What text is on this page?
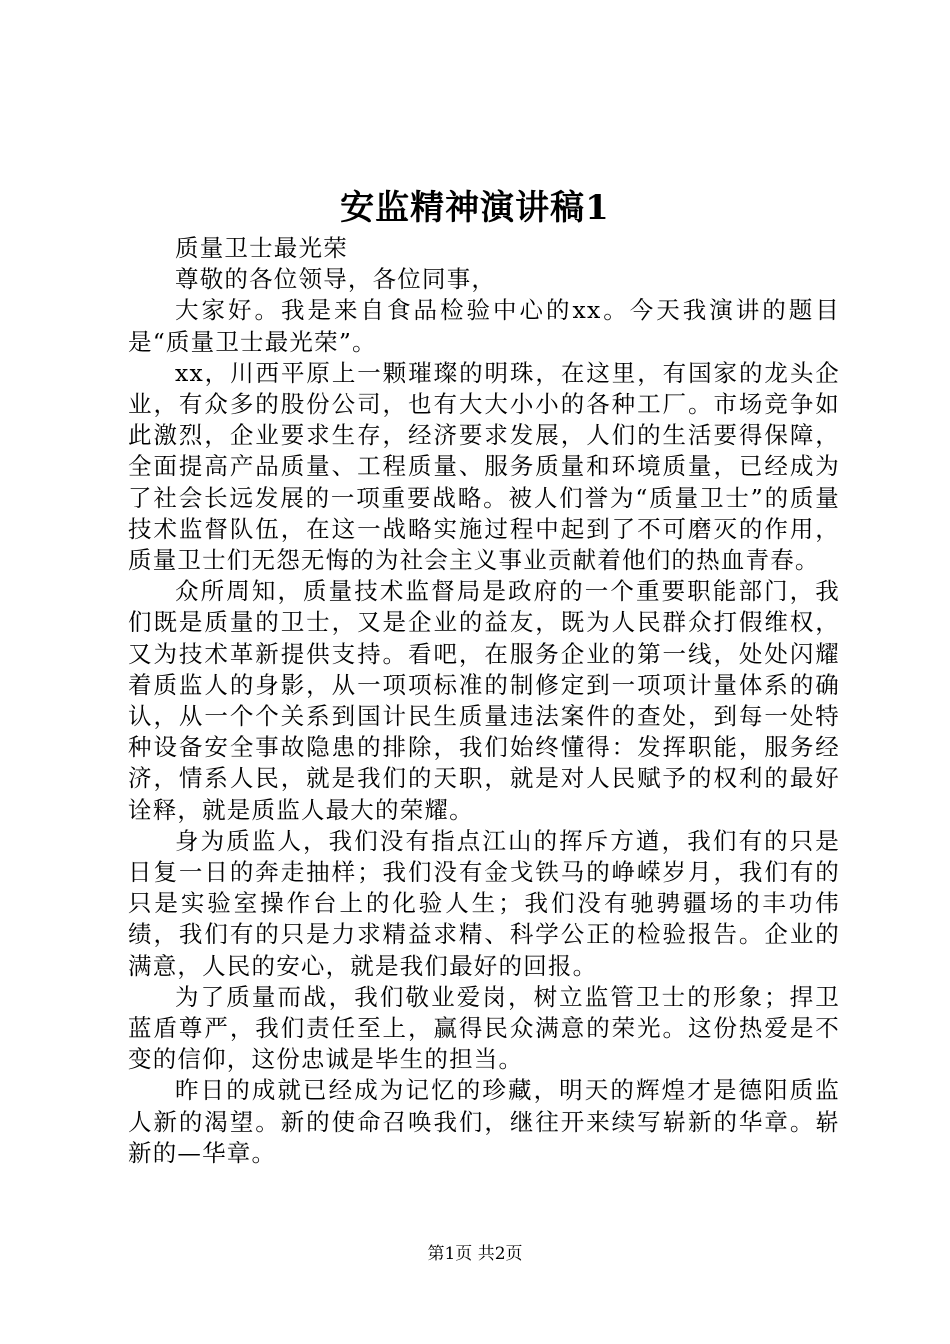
安监精神演讲稿1

质量卫士最光荣

尊敬的各位领导，各位同事，

大家好。我是来自食品检验中心的xx。今天我演讲的题目是“质量卫士最光荣”。

xx，川西平原上一颗璀璨的明珠，在这里，有国家的龙头企业，有众多的股份公司，也有大大小小的各种工厂。市场竞争如此激烈，企业要求生存，经济要求发展，人们的生活要得保障，全面提高产品质量、工程质量、服务质量和环境质量，已经成为了社会长远发展的一项重要战略。被人们誉为“质量卫士”的质量技术监督队伍，在这一战略实施过程中起到了不可磨灭的作用，质量卫士们无怨无悔的为社会主义事业贡献着他们的热血青春。

众所周知，质量技术监督局是政府的一个重要职能部门，我们既是质量的卫士，又是企业的益友，既为人民群众打假维权，又为技术革新提供支持。看吧，在服务企业的第一线，处处闪耀着质监人的身影，从一项项标准的制修定到一项项计量体系的确认，从一个个关系到国计民生质量违法案件的查处，到每一处特种设备安全事故隐患的排除，我们始终懂得：发挥职能，服务经济，情系人民，就是我们的天职，就是对人民赋予的权利的最好诠释，就是质监人最大的荣耀。

身为质监人，我们没有指点江山的挥斥方遒，我们有的只是日复一日的奔走抽样；我们没有金戈铁马的峥嵘岁月，我们有的只是实验室操作台上的化验人生；我们没有驰骋疆场的丰功伟绩，我们有的只是力求精益求精、科学公正的检验报告。企业的满意，人民的安心，就是我们最好的回报。

为了质量而战，我们敬业爱岗，树立监管卫士的形象；捍卫蓝盾尊严，我们责任至上，赢得民众满意的荣光。这份热爱是不变的信仰，这份忠诚是毕生的担当。

昨日的成就已经成为记忆的珍藏，明天的辉煌才是德阳质监人新的渴望。新的使命召唤我们，继往开来续写崭新的华章。崭新的—华章。

第1页 共2页
